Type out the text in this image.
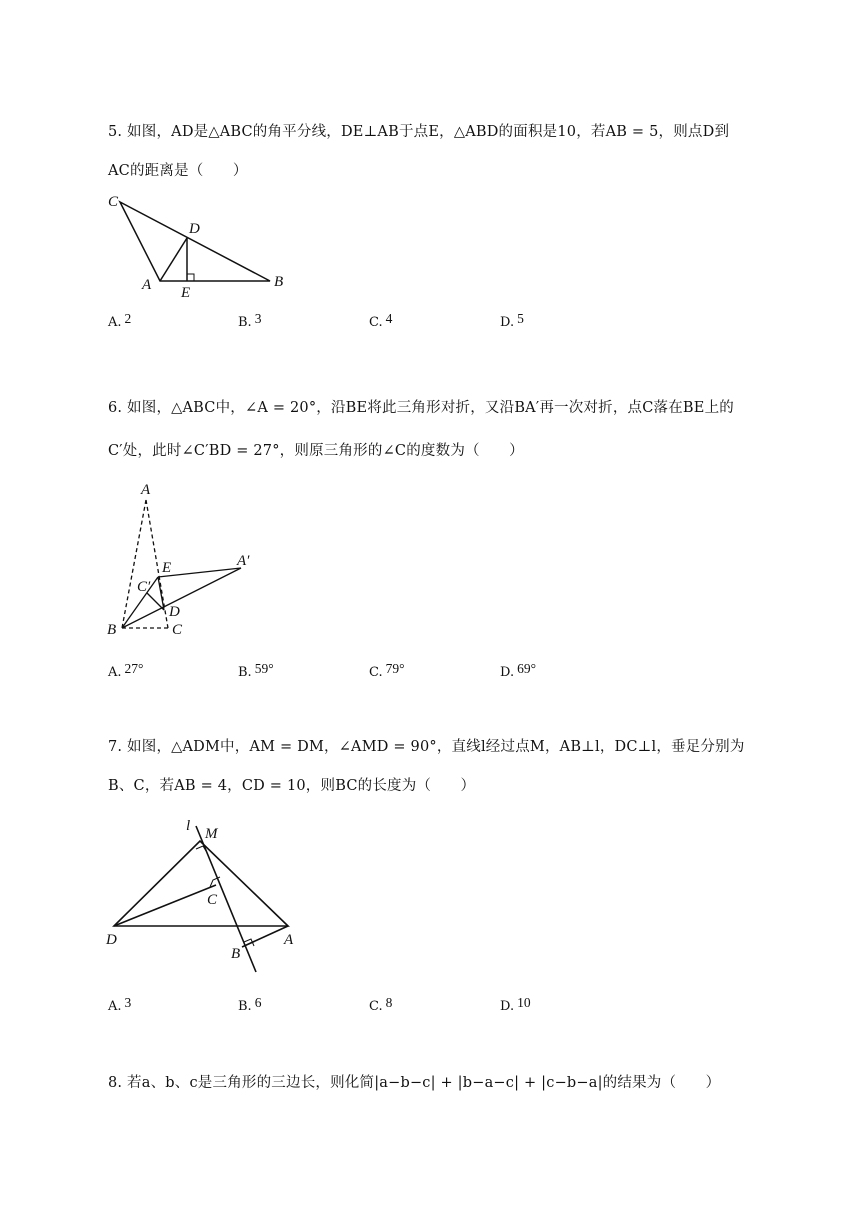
5. 如图，AD是△ABC的角平分线，DE⊥AB于点E，△ABD的面积是10，若AB = 5，则点D到
AC的距离是（　　）
C
D
A E
B
A. 2	B. 3	C. 4	D. 5
6. 如图，△ABC中，∠A = 20°，沿BE将此三角形对折，又沿BA′再一次对折，点C落在BE上的
C′处，此时∠C′BD = 27°，则原三角形的∠C的度数为（　　）
A
E	A′
C′
D
B	C
A. 27°	B. 59°	C. 79°	D. 69°
7. 如图，△ADM中，AM = DM，∠AMD = 90°，直线l经过点M，AB⊥l，DC⊥l，垂足分别为
B、C，若AB = 4，CD = 10，则BC的长度为（　　）
l M
C
D	A
B
A. 3	B. 6	C. 8	D. 10
8. 若a、b、c是三角形的三边长，则化简|a−b−c| + |b−a−c| + |c−b−a|的结果为（　　）
